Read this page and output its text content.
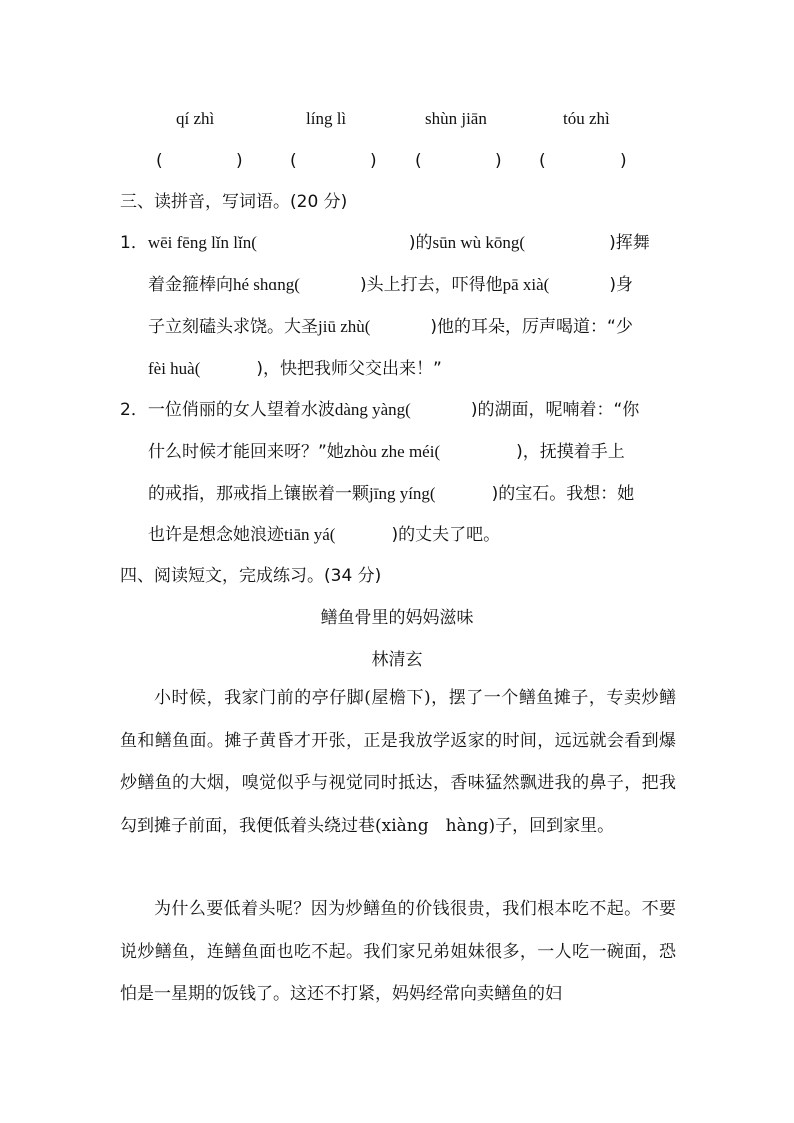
qí zhì	líng lì	shùn jiān	tóu zhì
(	)	(	) (	) (	)
三、读拼音，写词语。(20 分)
1．wēi fēng lǐn lǐn(	)的sūn wù kōng(	)挥舞
着金箍棒向hé shɑng(	)头上打去，吓得他pā xià(	)身
子立刻磕头求饶。大圣jiū zhù(	)他的耳朵，厉声喝道：“少
fèi huà(	)，快把我师父交出来！”
2．一位俏丽的女人望着水波dàng yàng(	)的湖面，呢喃着：“你
什么时候才能回来呀？”她zhòu zhe méi(	)，抚摸着手上
的戒指，那戒指上镶嵌着一颗jīng yíng(	)的宝石。我想：她
也许是想念她浪迹tiān yá(	)的丈夫了吧。
四、阅读短文，完成练习。(34 分)
鳝鱼骨里的妈妈滋味
林清玄

小时候，我家门前的亭仔脚(屋檐下)，摆了一个鳝鱼摊子，专卖炒鳝鱼和鳝鱼面。摊子黄昏才开张，正是我放学返家的时间，远远就会看到爆炒鳝鱼的大烟，嗅觉似乎与视觉同时抵达，香味猛然飘进我的鼻子，把我勾到摊子前面，我便低着头绕过巷(xiàng　hàng)子，回到家里。

为什么要低着头呢？因为炒鳝鱼的价钱很贵，我们根本吃不起。不要说炒鳝鱼，连鳝鱼面也吃不起。我们家兄弟姐妹很多，一人吃一碗面，恐怕是一星期的饭钱了。这还不打紧，妈妈经常向卖鳝鱼的妇
